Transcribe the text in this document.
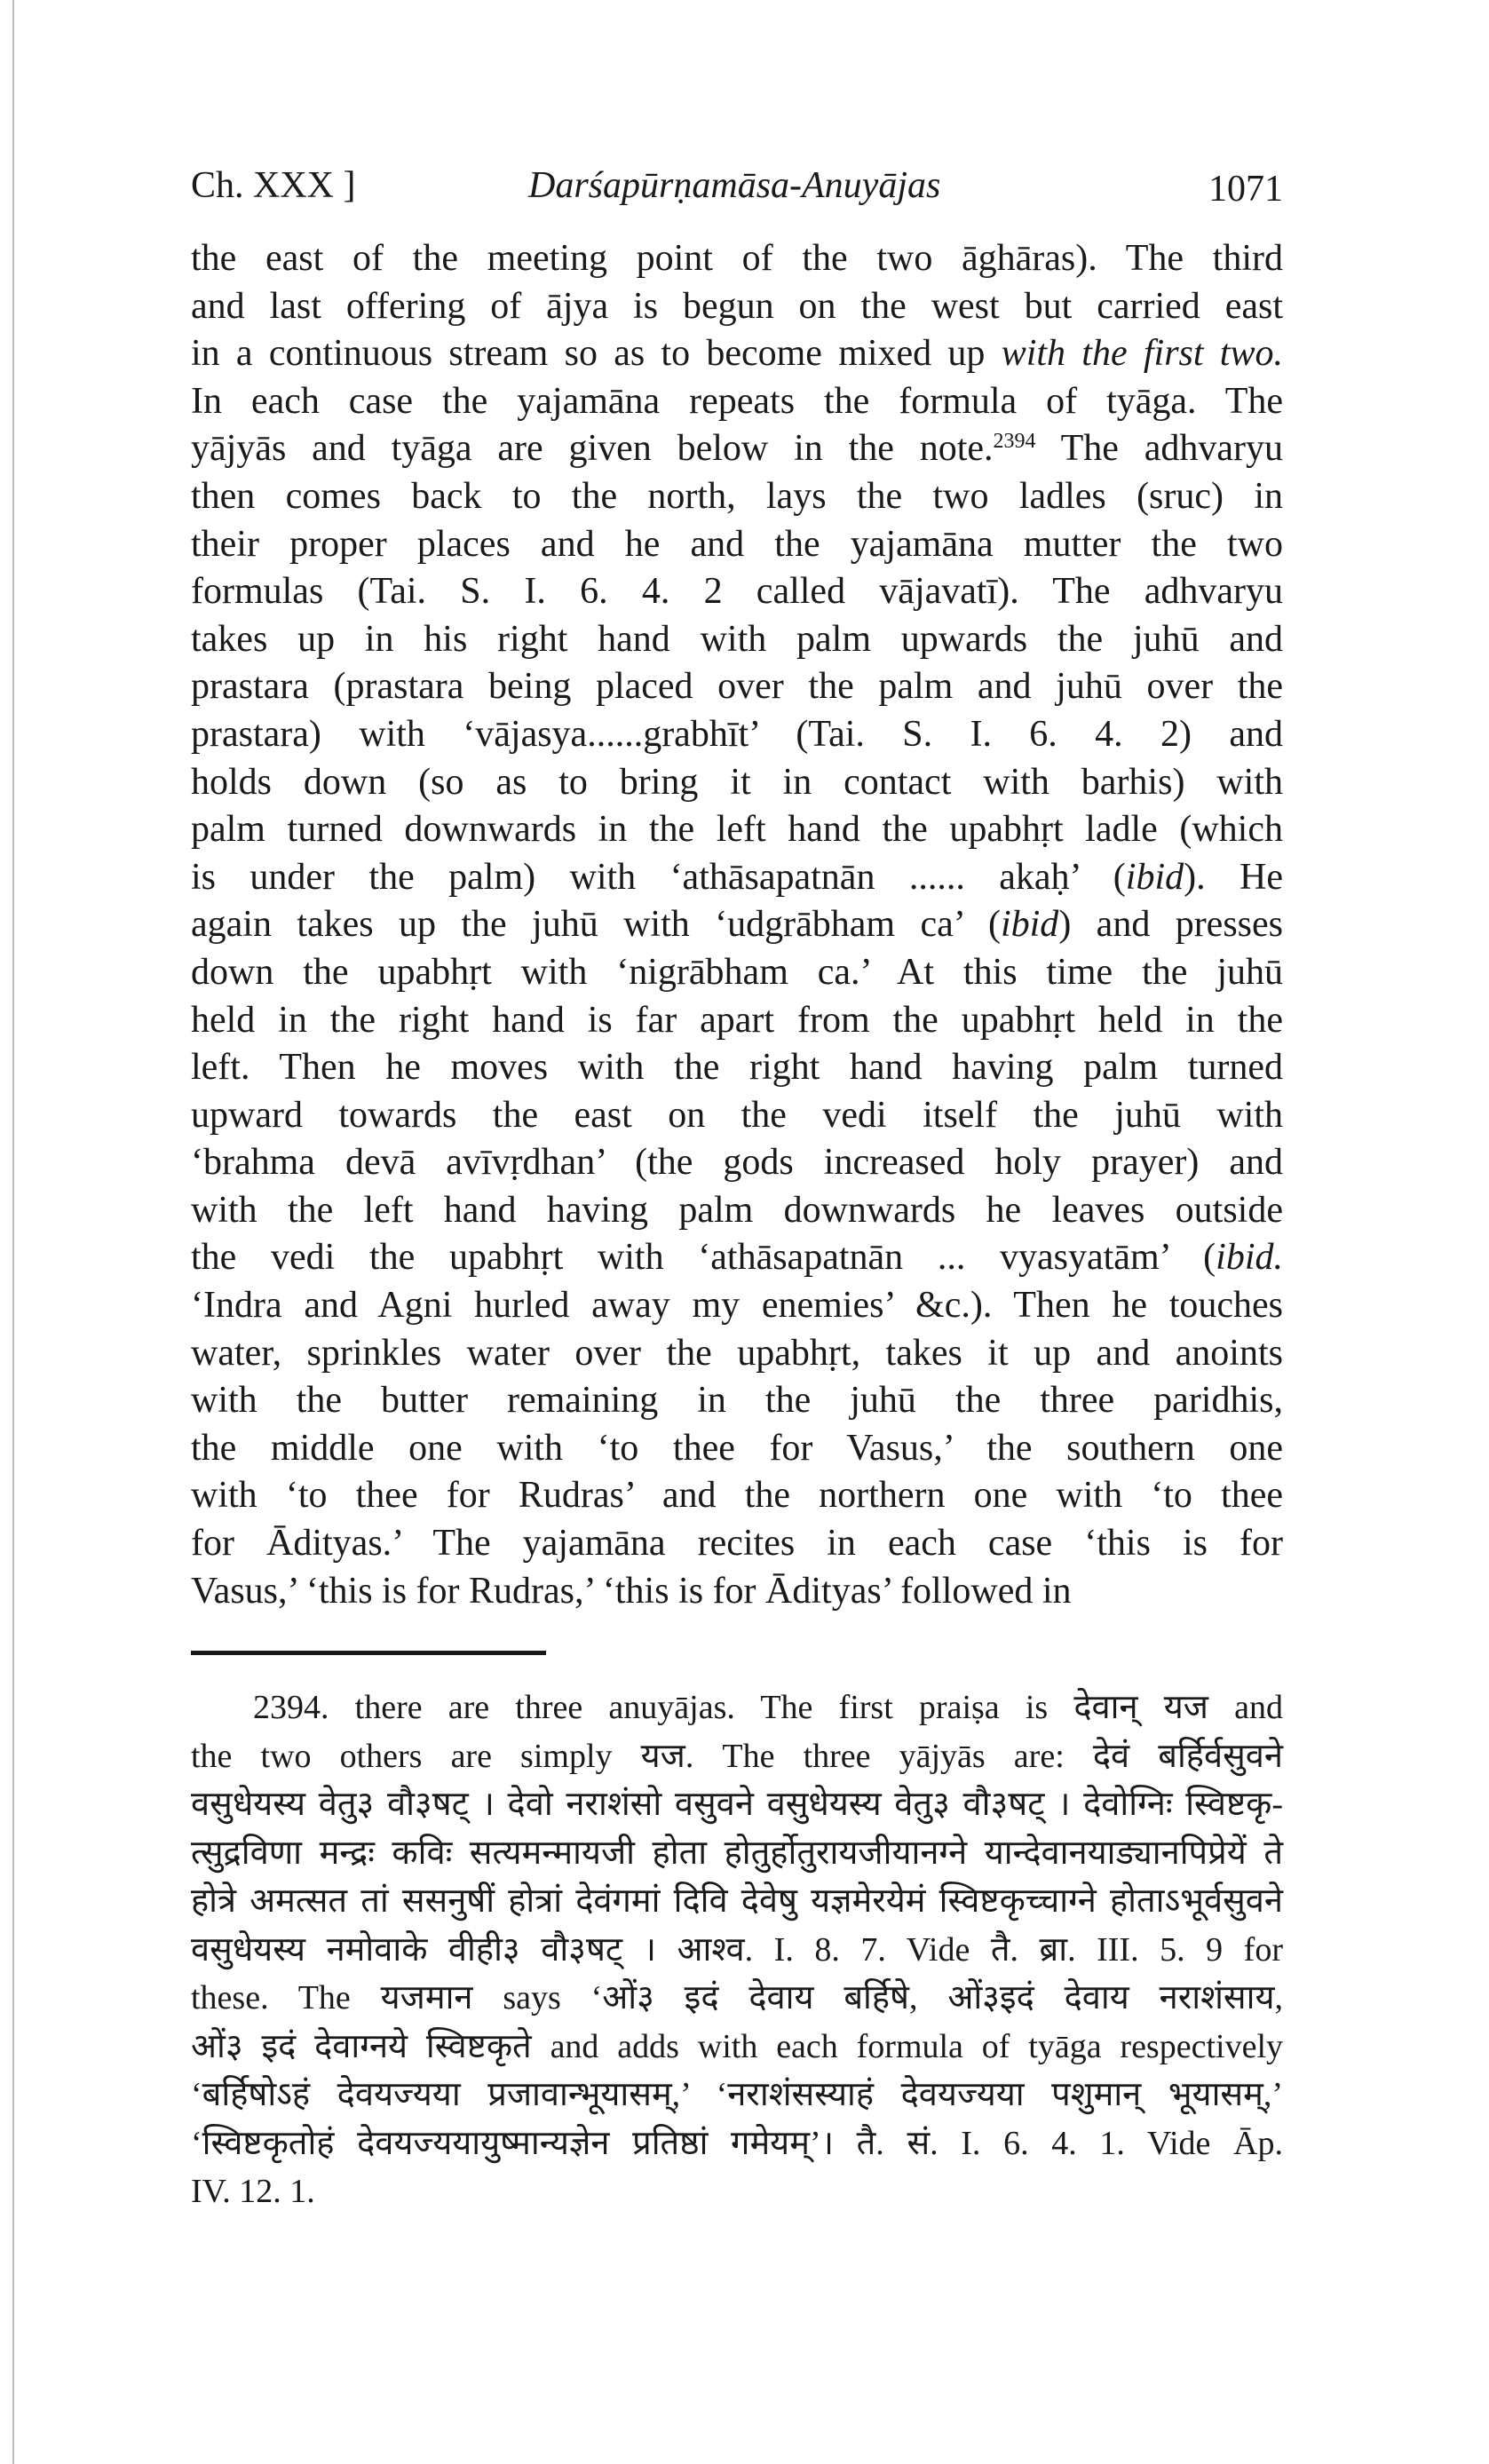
Ch. XXX ]	Darśapūrṇamāsa-Anuyājas	1071
the east of the meeting point of the two āghāras). The third
and last offering of ājya is begun on the west but carried east
in a continuous stream so as to become mixed up with the first two.
In each case the yajamāna repeats the formula of tyāga. The
yājyās and tyāga are given below in the note.$^{2394}$ The adhvaryu
then comes back to the north, lays the two ladles (sruc) in
their proper places and he and the yajamāna mutter the two
formulas (Tai. S. I. 6. 4. 2 called vājavatī). The adhvaryu
takes up in his right hand with palm upwards the juhū and
prastara (prastara being placed over the palm and juhū over the
prastara) with ‘vājasya......grabhīt’ (Tai. S. I. 6. 4. 2) and
holds down (so as to bring it in contact with barhis) with
palm turned downwards in the left hand the upabhṛt ladle (which
is under the palm) with ‘athāsapatnān ...... akaḥ’ (ibid). He
again takes up the juhū with ‘udgrābham ca’ (ibid) and presses
down the upabhṛt with ‘nigrābham ca.’ At this time the juhū
held in the right hand is far apart from the upabhṛt held in the
left. Then he moves with the right hand having palm turned
upward towards the east on the vedi itself the juhū with
‘brahma devā avīvṛdhan’ (the gods increased holy prayer) and
with the left hand having palm downwards he leaves outside
the vedi the upabhṛt with ‘athāsapatnān ... vyasyatām’ (ibid.
‘Indra and Agni hurled away my enemies’ &c.). Then he touches
water, sprinkles water over the upabhṛt, takes it up and anoints
with the butter remaining in the juhū the three paridhis,
the middle one with ‘to thee for Vasus,’ the southern one
with ‘to thee for Rudras’ and the northern one with ‘to thee
for Ādityas.’ The yajamāna recites in each case ‘this is for
Vasus,’ ‘this is for Rudras,’ ‘this is for Ādityas’ followed in
2394. there are three anuyājas. The first praiṣa is देवान् यज and
the two others are simply यज. The three yājyās are: देवं बर्हिर्वसुवने
वसुधेयस्य वेतु३ वौ३षट् । देवो नराशंसो वसुवने वसुधेयस्य वेतु३ वौ३षट् । देवोग्निः स्विष्टकृ-
त्सुद्रविणा मन्द्रः कविः सत्यमन्मायजी होता होतुर्होतुरायजीयानग्ने यान्देवानयाड्यानपिप्रेयें ते
होत्रे अमत्सत तां ससनुषीं होत्रां देवंगमां दिवि देवेषु यज्ञमेरयेमं स्विष्टकृच्चाग्ने होताऽभूर्वसुवने
वसुधेयस्य नमोवाके वीही३ वौ३षट् । आश्व. I. 8. 7. Vide तै. ब्रा. III. 5. 9 for
these. The यजमान says ‘ओं३ इदं देवाय बर्हिषे, ओं३इदं देवाय नराशंसाय,
ओं३ इदं देवाग्नये स्विष्टकृते and adds with each formula of tyāga respectively
‘बर्हिषोऽहं देवयज्यया प्रजावान्भूयासम्,’ ‘नराशंसस्याहं देवयज्यया पशुमान् भूयासम्,’
‘स्विष्टकृतोहं देवयज्ययायुष्मान्यज्ञेन प्रतिष्ठां गमेयम्’। तै. सं. I. 6. 4. 1. Vide Āp.
IV. 12. 1.
